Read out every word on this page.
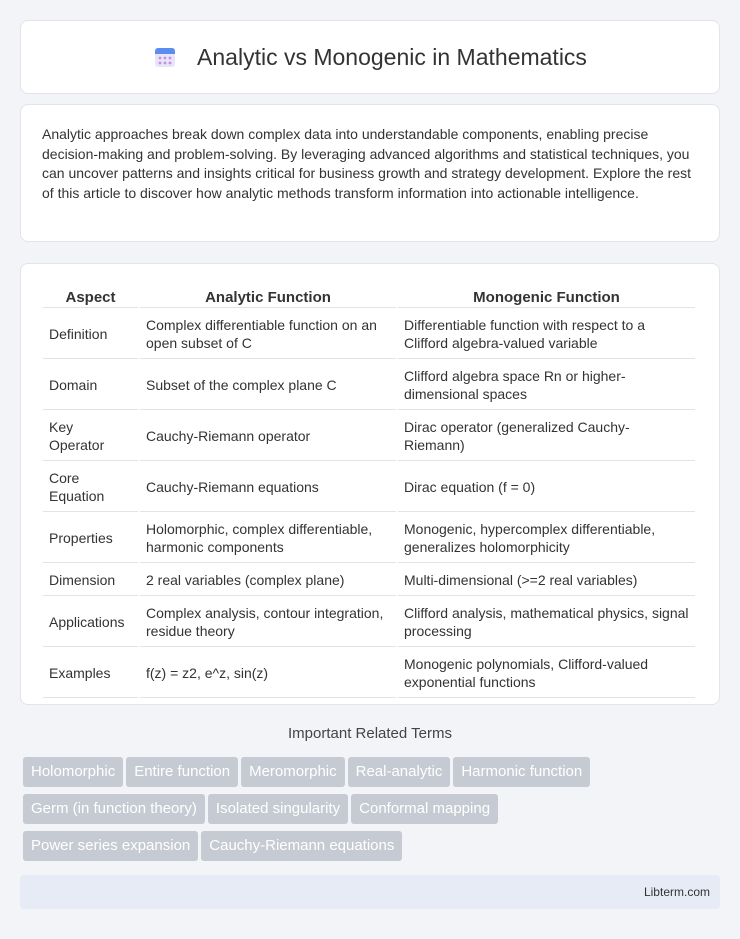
Analytic vs Monogenic in Mathematics

Analytic approaches break down complex data into understandable components, enabling precise decision-making and problem-solving. By leveraging advanced algorithms and statistical techniques, you can uncover patterns and insights critical for business growth and strategy development. Explore the rest of this article to discover how analytic methods transform information into actionable intelligence.

Aspect	Analytic Function	Monogenic Function
Definition	Complex differentiable function on an open subset of C	Differentiable function with respect to a Clifford algebra-valued variable
Domain	Subset of the complex plane C	Clifford algebra space Rn or higher-dimensional spaces
Key Operator	Cauchy-Riemann operator	Dirac operator (generalized Cauchy-Riemann)
Core Equation	Cauchy-Riemann equations	Dirac equation (f = 0)
Properties	Holomorphic, complex differentiable, harmonic components	Monogenic, hypercomplex differentiable, generalizes holomorphicity
Dimension	2 real variables (complex plane)	Multi-dimensional (>=2 real variables)
Applications	Complex analysis, contour integration, residue theory	Clifford analysis, mathematical physics, signal processing
Examples	f(z) = z2, e^z, sin(z)	Monogenic polynomials, Clifford-valued exponential functions
Important Related Terms
Holomorphic Entire function Meromorphic Real-analytic Harmonic function
Germ (in function theory) Isolated singularity Conformal mapping
Power series expansion Cauchy-Riemann equations
Libterm.com
